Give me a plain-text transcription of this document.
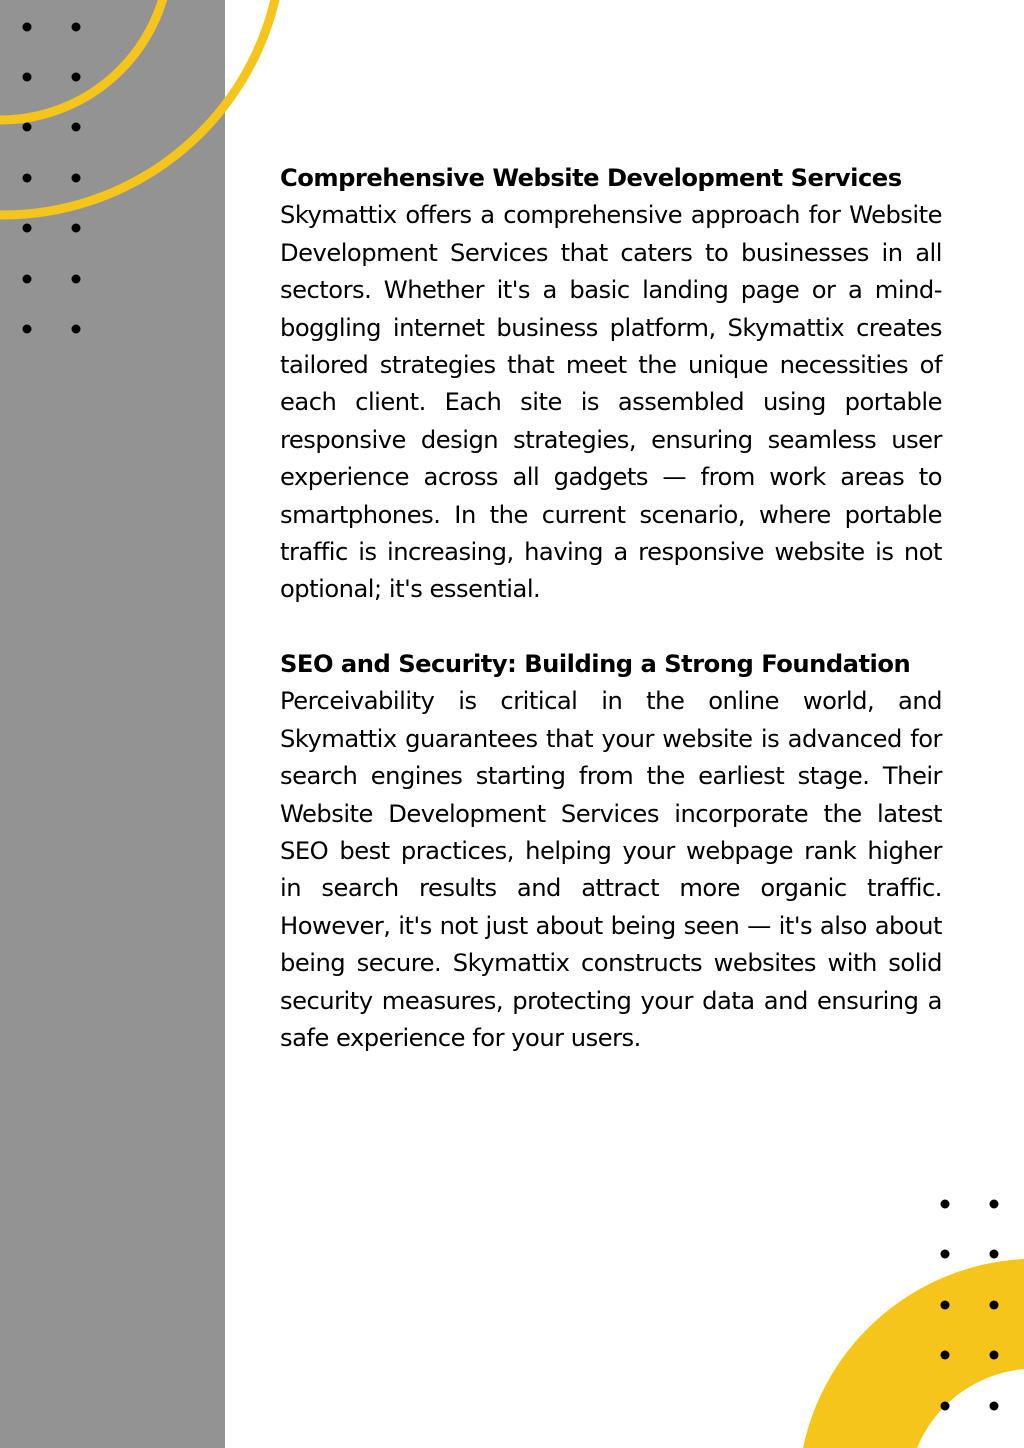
Comprehensive Website Development Services

Skymattix offers a comprehensive approach for Website Development Services that caters to businesses in all sectors. Whether it's a basic landing page or a mind-boggling internet business platform, Skymattix creates tailored strategies that meet the unique necessities of each client. Each site is assembled using portable responsive design strategies, ensuring seamless user experience across all gadgets — from work areas to smartphones. In the current scenario, where portable traffic is increasing, having a responsive website is not optional; it's essential.

SEO and Security: Building a Strong Foundation

Perceivability is critical in the online world, and Skymattix guarantees that your website is advanced for search engines starting from the earliest stage. Their Website Development Services incorporate the latest SEO best practices, helping your webpage rank higher in search results and attract more organic traffic. However, it's not just about being seen — it's also about being secure. Skymattix constructs websites with solid security measures, protecting your data and ensuring a safe experience for your users.
